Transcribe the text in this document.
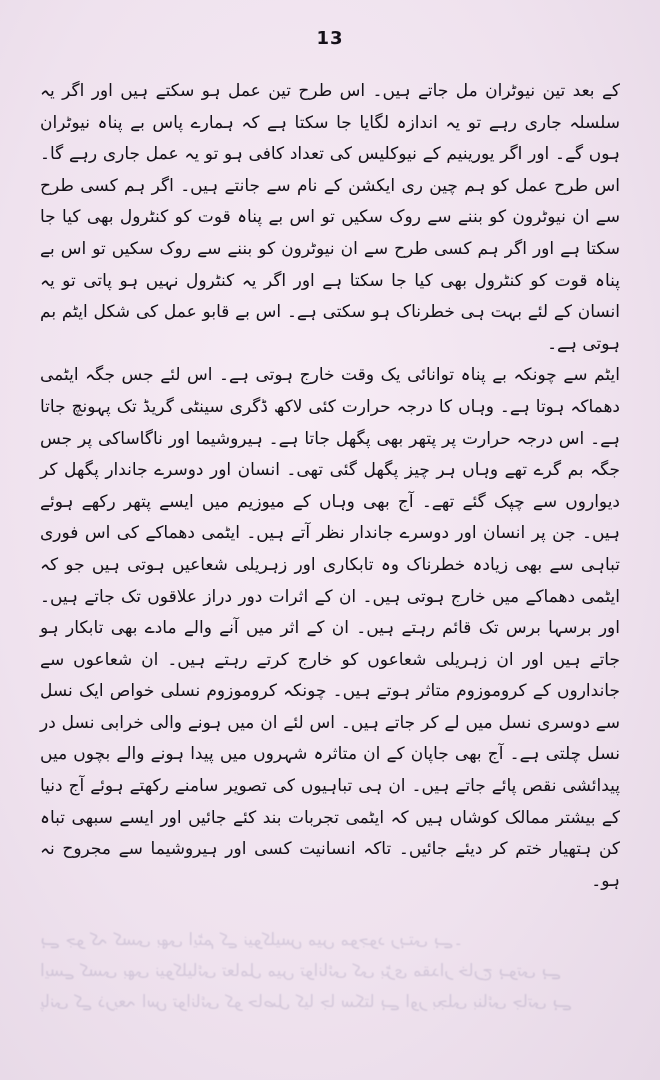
13

کے بعد تین نیوٹران مل جاتے ہیں۔ اس طرح تین عمل ہو سکتے ہیں اور اگر یہ سلسلہ جاری رہے تو یہ اندازہ لگایا جا سکتا ہے کہ ہمارے پاس بے پناہ نیوٹران ہوں گے۔ اور اگر یورینیم کے نیوکلیس کی تعداد کافی ہو تو یہ عمل جاری رہے گا۔ اس طرح عمل کو ہم چین ری ایکشن کے نام سے جانتے ہیں۔ اگر ہم کسی طرح سے ان نیوٹرون کو بننے سے روک سکیں تو اس بے پناہ قوت کو کنٹرول بھی کیا جا سکتا ہے اور اگر ہم کسی طرح سے ان نیوٹرون کو بننے سے روک سکیں تو اس بے پناہ قوت کو کنٹرول بھی کیا جا سکتا ہے اور اگر یہ کنٹرول نہیں ہو پاتی تو یہ انسان کے لئے بہت ہی خطرناک ہو سکتی ہے۔ اس بے قابو عمل کی شکل ایٹم بم ہوتی ہے۔

ایٹم سے چونکہ بے پناہ توانائی یک وقت خارج ہوتی ہے۔ اس لئے جس جگہ ایٹمی دھماکہ ہوتا ہے۔ وہاں کا درجہ حرارت کئی لاکھ ڈگری سینٹی گریڈ تک پہونچ جاتا ہے۔ اس درجہ حرارت پر پتھر بھی پگھل جاتا ہے۔ ہیروشیما اور ناگاساکی پر جس جگہ بم گرے تھے وہاں ہر چیز پگھل گئی تھی۔ انسان اور دوسرے جاندار پگھل کر دیواروں سے چپک گئے تھے۔ آج بھی وہاں کے میوزیم میں ایسے پتھر رکھے ہوئے ہیں۔ جن پر انسان اور دوسرے جاندار نظر آتے ہیں۔ ایٹمی دھماکے کی اس فوری تباہی سے بھی زیادہ خطرناک وہ تابکاری اور زہریلی شعاعیں ہوتی ہیں جو کہ ایٹمی دھماکے میں خارج ہوتی ہیں۔ ان کے اثرات دور دراز علاقوں تک جاتے ہیں۔ اور برسہا برس تک قائم رہتے ہیں۔ ان کے اثر میں آنے والے مادے بھی تابکار ہو جاتے ہیں اور ان زہریلی شعاعوں کو خارج کرتے رہتے ہیں۔ ان شعاعوں سے جانداروں کے کروموزوم متاثر ہوتے ہیں۔ چونکہ کروموزوم نسلی خواص ایک نسل سے دوسری نسل میں لے کر جاتے ہیں۔ اس لئے ان میں ہونے والی خرابی نسل در نسل چلتی ہے۔ آج بھی جاپان کے ان متاثرہ شہروں میں پیدا ہونے والے بچوں میں پیدائشی نقص پائے جاتے ہیں۔ ان ہی تباہیوں کی تصویر سامنے رکھتے ہوئے آج دنیا کے بیشتر ممالک کوشاں ہیں کہ ایٹمی تجربات بند کئے جائیں اور ایسے سبھی تباہ کن ہتھیار ختم کر دیئے جائیں۔ تاکہ انسانیت کسی اور ہیروشیما سے مجروح نہ ہو۔

ہے جو کہ کسی بھی ایٹم کے نیوکلیس میں موجود رہتی ہے۔
ایسے کسی بھی نیوکلیائی تعامل میں توانائی کی بڑی مقدار خارج ہوتی ہے
پانی کے ذریعہ اس توانائی کو حاصل کیا جا سکتا ہے اور بجلی بنائی جاتی ہے
